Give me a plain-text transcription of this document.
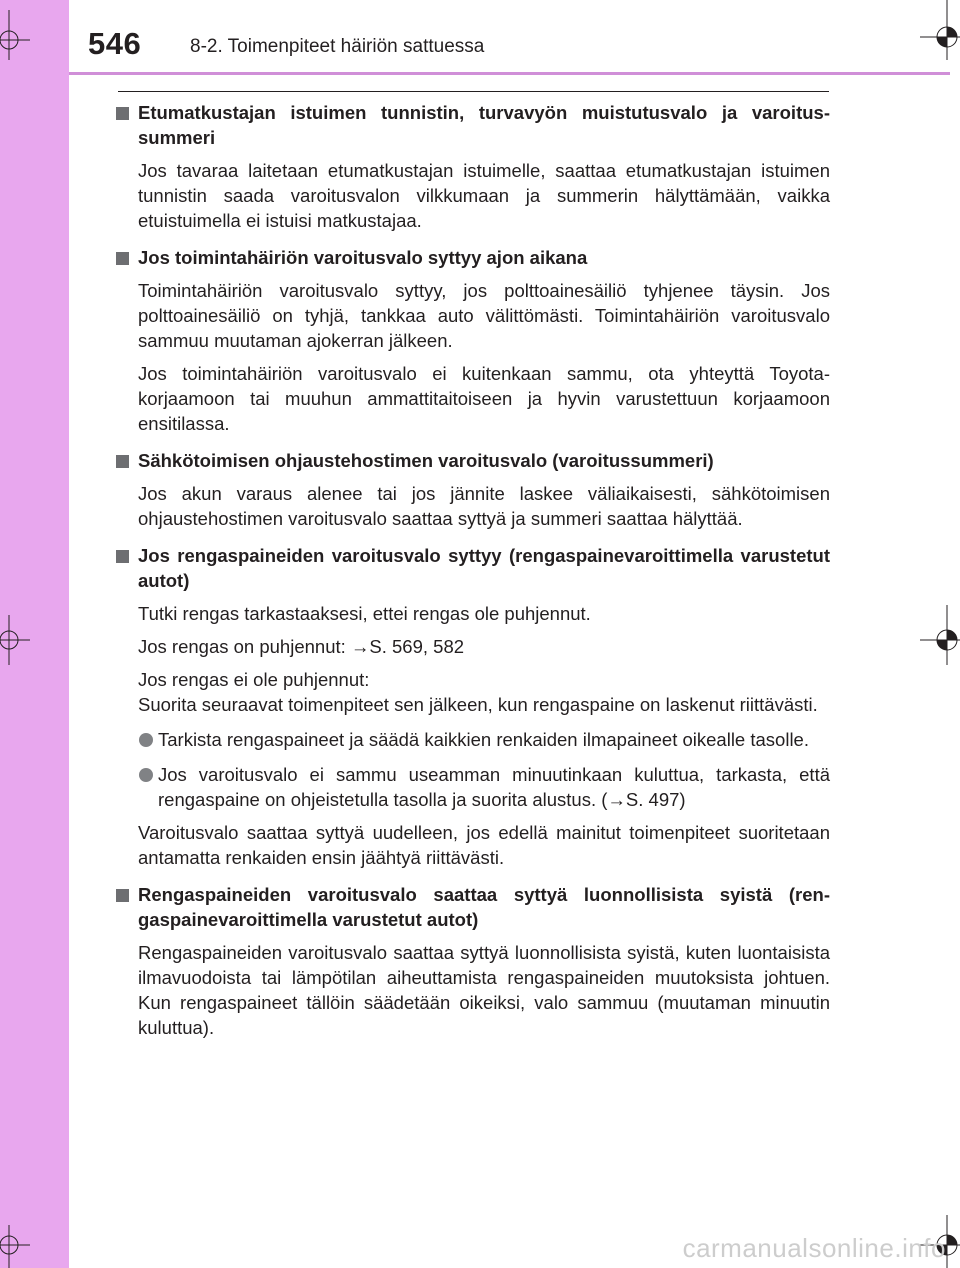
546	8-2. Toimenpiteet häiriön sattuessa
Etumatkustajan istuimen tunnistin, turvavyön muistutusvalo ja varoitussummeri
Jos tavaraa laitetaan etumatkustajan istuimelle, saattaa etumatkustajan istuimen tunnistin saada varoitusvalon vilkkumaan ja summerin hälyttämään, vaikka etuistuimella ei istuisi matkustajaa.
Jos toimintahäiriön varoitusvalo syttyy ajon aikana
Toimintahäiriön varoitusvalo syttyy, jos polttoainesäiliö tyhjenee täysin. Jos polttoainesäiliö on tyhjä, tankkaa auto välittömästi. Toimintahäiriön varoitusvalo sammuu muutaman ajokerran jälkeen.
Jos toimintahäiriön varoitusvalo ei kuitenkaan sammu, ota yhteyttä Toyota-korjaamoon tai muuhun ammattitaitoiseen ja hyvin varustettuun korjaamoon ensitilassa.
Sähkötoimisen ohjaustehostimen varoitusvalo (varoitussummeri)
Jos akun varaus alenee tai jos jännite laskee väliaikaisesti, sähkötoimisen ohjaustehostimen varoitusvalo saattaa syttyä ja summeri saattaa hälyttää.
Jos rengaspaineiden varoitusvalo syttyy (rengaspainevaroittimella varustetut autot)
Tutki rengas tarkastaaksesi, ettei rengas ole puhjennut.
Jos rengas on puhjennut: →S. 569, 582
Jos rengas ei ole puhjennut:
Suorita seuraavat toimenpiteet sen jälkeen, kun rengaspaine on laskenut riittävästi.
Tarkista rengaspaineet ja säädä kaikkien renkaiden ilmapaineet oikealle tasolle.
Jos varoitusvalo ei sammu useamman minuutinkaan kuluttua, tarkasta, että rengaspaine on ohjeistetulla tasolla ja suorita alustus. (→S. 497)
Varoitusvalo saattaa syttyä uudelleen, jos edellä mainitut toimenpiteet suoritetaan antamatta renkaiden ensin jäähtyä riittävästi.
Rengaspaineiden varoitusvalo saattaa syttyä luonnollisista syistä (rengaspainevaroittimella varustetut autot)
Rengaspaineiden varoitusvalo saattaa syttyä luonnollisista syistä, kuten luontaisista ilmavuodoista tai lämpötilan aiheuttamista rengaspaineiden muutoksista johtuen. Kun rengaspaineet tällöin säädetään oikeiksi, valo sammuu (muutaman minuutin kuluttua).
carmanualsonline.info
